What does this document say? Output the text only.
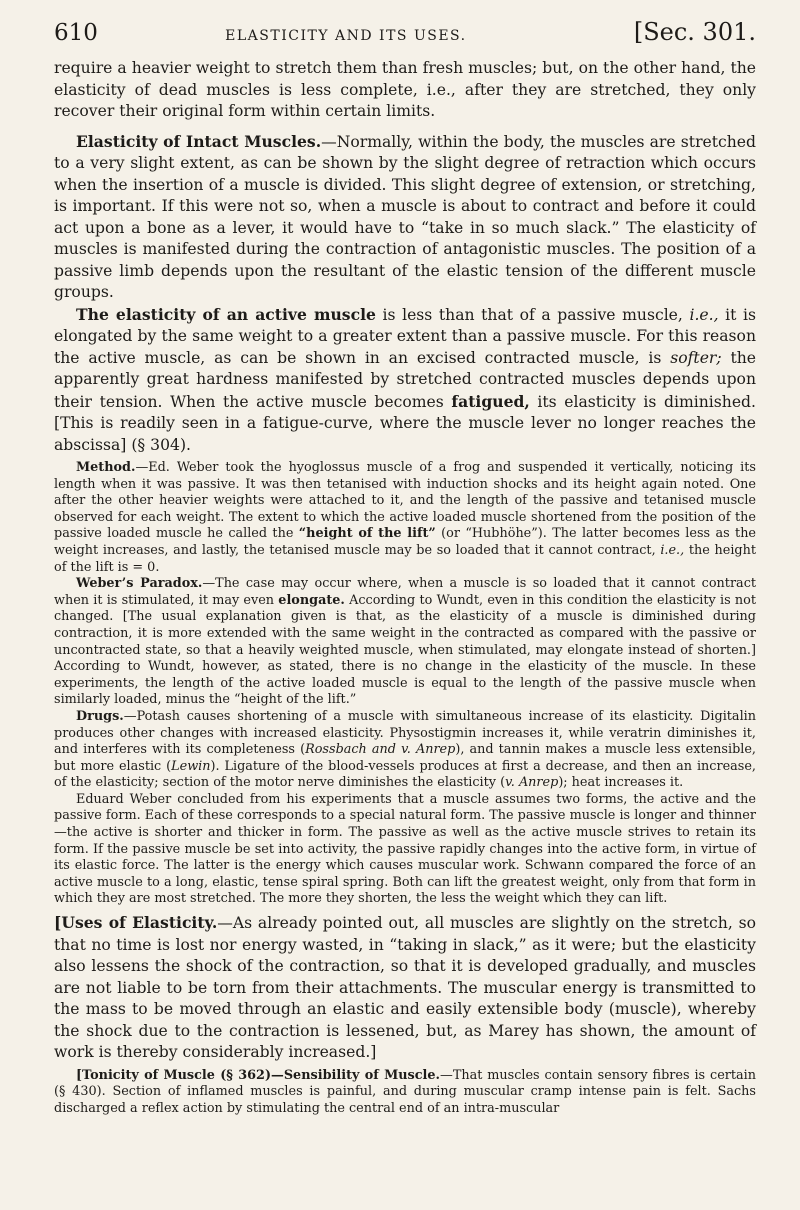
610	ELASTICITY AND ITS USES.	[Sec. 301.

require a heavier weight to stretch them than fresh muscles; but, on the other hand, the elasticity of dead muscles is less complete, i.e., after they are stretched, they only recover their original form within certain limits.

Elasticity of Intact Muscles.—Normally, within the body, the muscles are stretched to a very slight extent, as can be shown by the slight degree of retraction which occurs when the insertion of a muscle is divided. This slight degree of extension, or stretching, is important. If this were not so, when a muscle is about to contract and before it could act upon a bone as a lever, it would have to “take in so much slack.” The elasticity of muscles is manifested during the contraction of antagonistic muscles. The position of a passive limb depends upon the resultant of the elastic tension of the different muscle groups.

The elasticity of an active muscle is less than that of a passive muscle, i.e., it is elongated by the same weight to a greater extent than a passive muscle. For this reason the active muscle, as can be shown in an excised contracted muscle, is softer; the apparently great hardness manifested by stretched contracted muscles depends upon their tension. When the active muscle becomes fatigued, its elasticity is diminished. [This is readily seen in a fatigue-curve, where the muscle lever no longer reaches the abscissa] (§ 304).

Method.—Ed. Weber took the hyoglossus muscle of a frog and suspended it vertically, noticing its length when it was passive. It was then tetanised with induction shocks and its height again noted. One after the other heavier weights were attached to it, and the length of the passive and tetanised muscle observed for each weight. The extent to which the active loaded muscle shortened from the position of the passive loaded muscle he called the “height of the lift” (or “Hubhöhe”). The latter becomes less as the weight increases, and lastly, the tetanised muscle may be so loaded that it cannot contract, i.e., the height of the lift is = 0.

Weber’s Paradox.—The case may occur where, when a muscle is so loaded that it cannot contract when it is stimulated, it may even elongate. According to Wundt, even in this condition the elasticity is not changed. [The usual explanation given is that, as the elasticity of a muscle is diminished during contraction, it is more extended with the same weight in the contracted as compared with the passive or uncontracted state, so that a heavily weighted muscle, when stimulated, may elongate instead of shorten.] According to Wundt, however, as stated, there is no change in the elasticity of the muscle. In these experiments, the length of the active loaded muscle is equal to the length of the passive muscle when similarly loaded, minus the “height of the lift.”

Drugs.—Potash causes shortening of a muscle with simultaneous increase of its elasticity. Digitalin produces other changes with increased elasticity. Physostigmin increases it, while veratrin diminishes it, and interferes with its completeness (Rossbach and v. Anrep), and tannin makes a muscle less extensible, but more elastic (Lewin). Ligature of the blood-vessels produces at first a decrease, and then an increase, of the elasticity; section of the motor nerve diminishes the elasticity (v. Anrep); heat increases it.

Eduard Weber concluded from his experiments that a muscle assumes two forms, the active and the passive form. Each of these corresponds to a special natural form. The passive muscle is longer and thinner—the active is shorter and thicker in form. The passive as well as the active muscle strives to retain its form. If the passive muscle be set into activity, the passive rapidly changes into the active form, in virtue of its elastic force. The latter is the energy which causes muscular work. Schwann compared the force of an active muscle to a long, elastic, tense spiral spring. Both can lift the greatest weight, only from that form in which they are most stretched. The more they shorten, the less the weight which they can lift.

[Uses of Elasticity.—As already pointed out, all muscles are slightly on the stretch, so that no time is lost nor energy wasted, in “taking in slack,” as it were; but the elasticity also lessens the shock of the contraction, so that it is developed gradually, and muscles are not liable to be torn from their attachments. The muscular energy is transmitted to the mass to be moved through an elastic and easily extensible body (muscle), whereby the shock due to the contraction is lessened, but, as Marey has shown, the amount of work is thereby considerably increased.]

[Tonicity of Muscle (§ 362)—Sensibility of Muscle.—That muscles contain sensory fibres is certain (§ 430). Section of inflamed muscles is painful, and during muscular cramp intense pain is felt. Sachs discharged a reflex action by stimulating the central end of an intra-muscular
